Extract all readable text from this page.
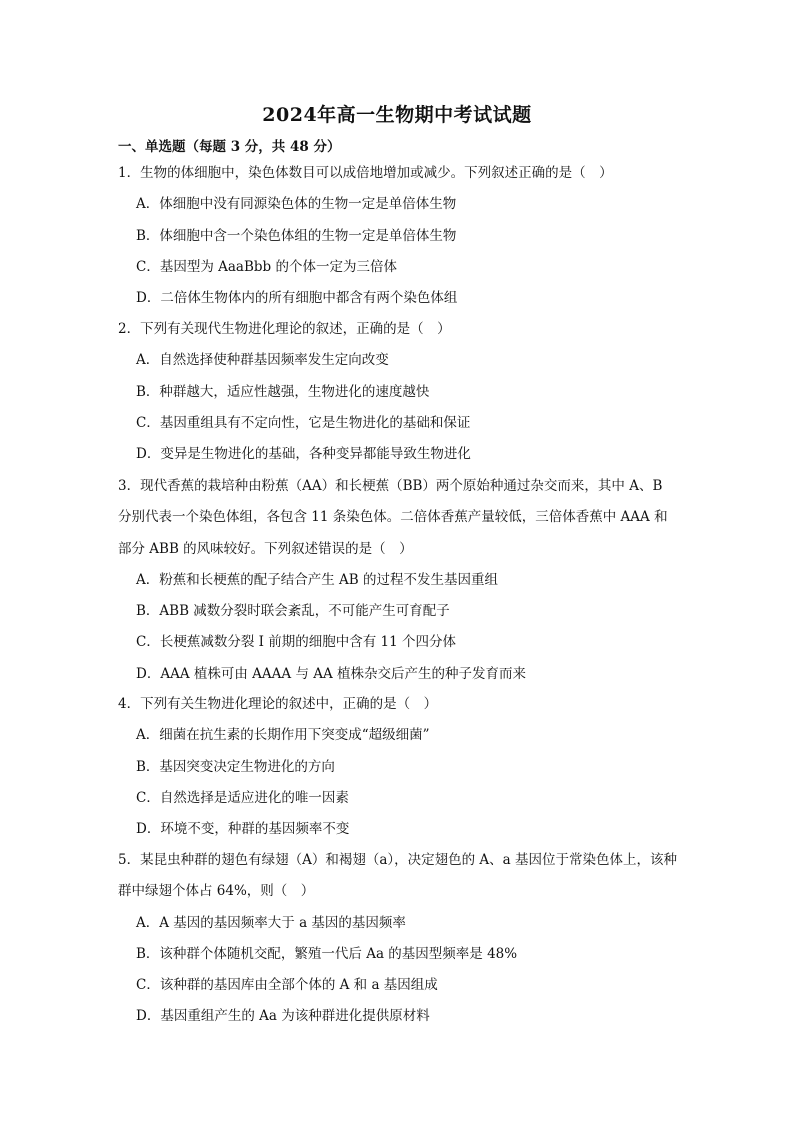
2024年高一生物期中考试试题
一、单选题（每题 3 分，共 48 分）
1．生物的体细胞中，染色体数目可以成倍地增加或减少。下列叙述正确的是（　）
A．体细胞中没有同源染色体的生物一定是单倍体生物
B．体细胞中含一个染色体组的生物一定是单倍体生物
C．基因型为 AaaBbb 的个体一定为三倍体
D．二倍体生物体内的所有细胞中都含有两个染色体组
2．下列有关现代生物进化理论的叙述，正确的是（　）
A．自然选择使种群基因频率发生定向改变
B．种群越大，适应性越强，生物进化的速度越快
C．基因重组具有不定向性，它是生物进化的基础和保证
D．变异是生物进化的基础，各种变异都能导致生物进化
3．现代香蕉的栽培种由粉蕉（AA）和长梗蕉（BB）两个原始种通过杂交而来，其中 A、B 分别代表一个染色体组，各包含 11 条染色体。二倍体香蕉产量较低，三倍体香蕉中 AAA 和部分 ABB 的风味较好。下列叙述错误的是（　）
A．粉蕉和长梗蕉的配子结合产生 AB 的过程不发生基因重组
B．ABB 减数分裂时联会紊乱，不可能产生可育配子
C．长梗蕉减数分裂 I 前期的细胞中含有 11 个四分体
D．AAA 植株可由 AAAA 与 AA 植株杂交后产生的种子发育而来
4．下列有关生物进化理论的叙述中，正确的是（　）
A．细菌在抗生素的长期作用下突变成“超级细菌”
B．基因突变决定生物进化的方向
C．自然选择是适应进化的唯一因素
D．环境不变，种群的基因频率不变
5．某昆虫种群的翅色有绿翅（A）和褐翅（a），决定翅色的 A、a 基因位于常染色体上，该种群中绿翅个体占 64%，则（　）
A．A 基因的基因频率大于 a 基因的基因频率
B．该种群个体随机交配，繁殖一代后 Aa 的基因型频率是 48%
C．该种群的基因库由全部个体的 A 和 a 基因组成
D．基因重组产生的 Aa 为该种群进化提供原材料
